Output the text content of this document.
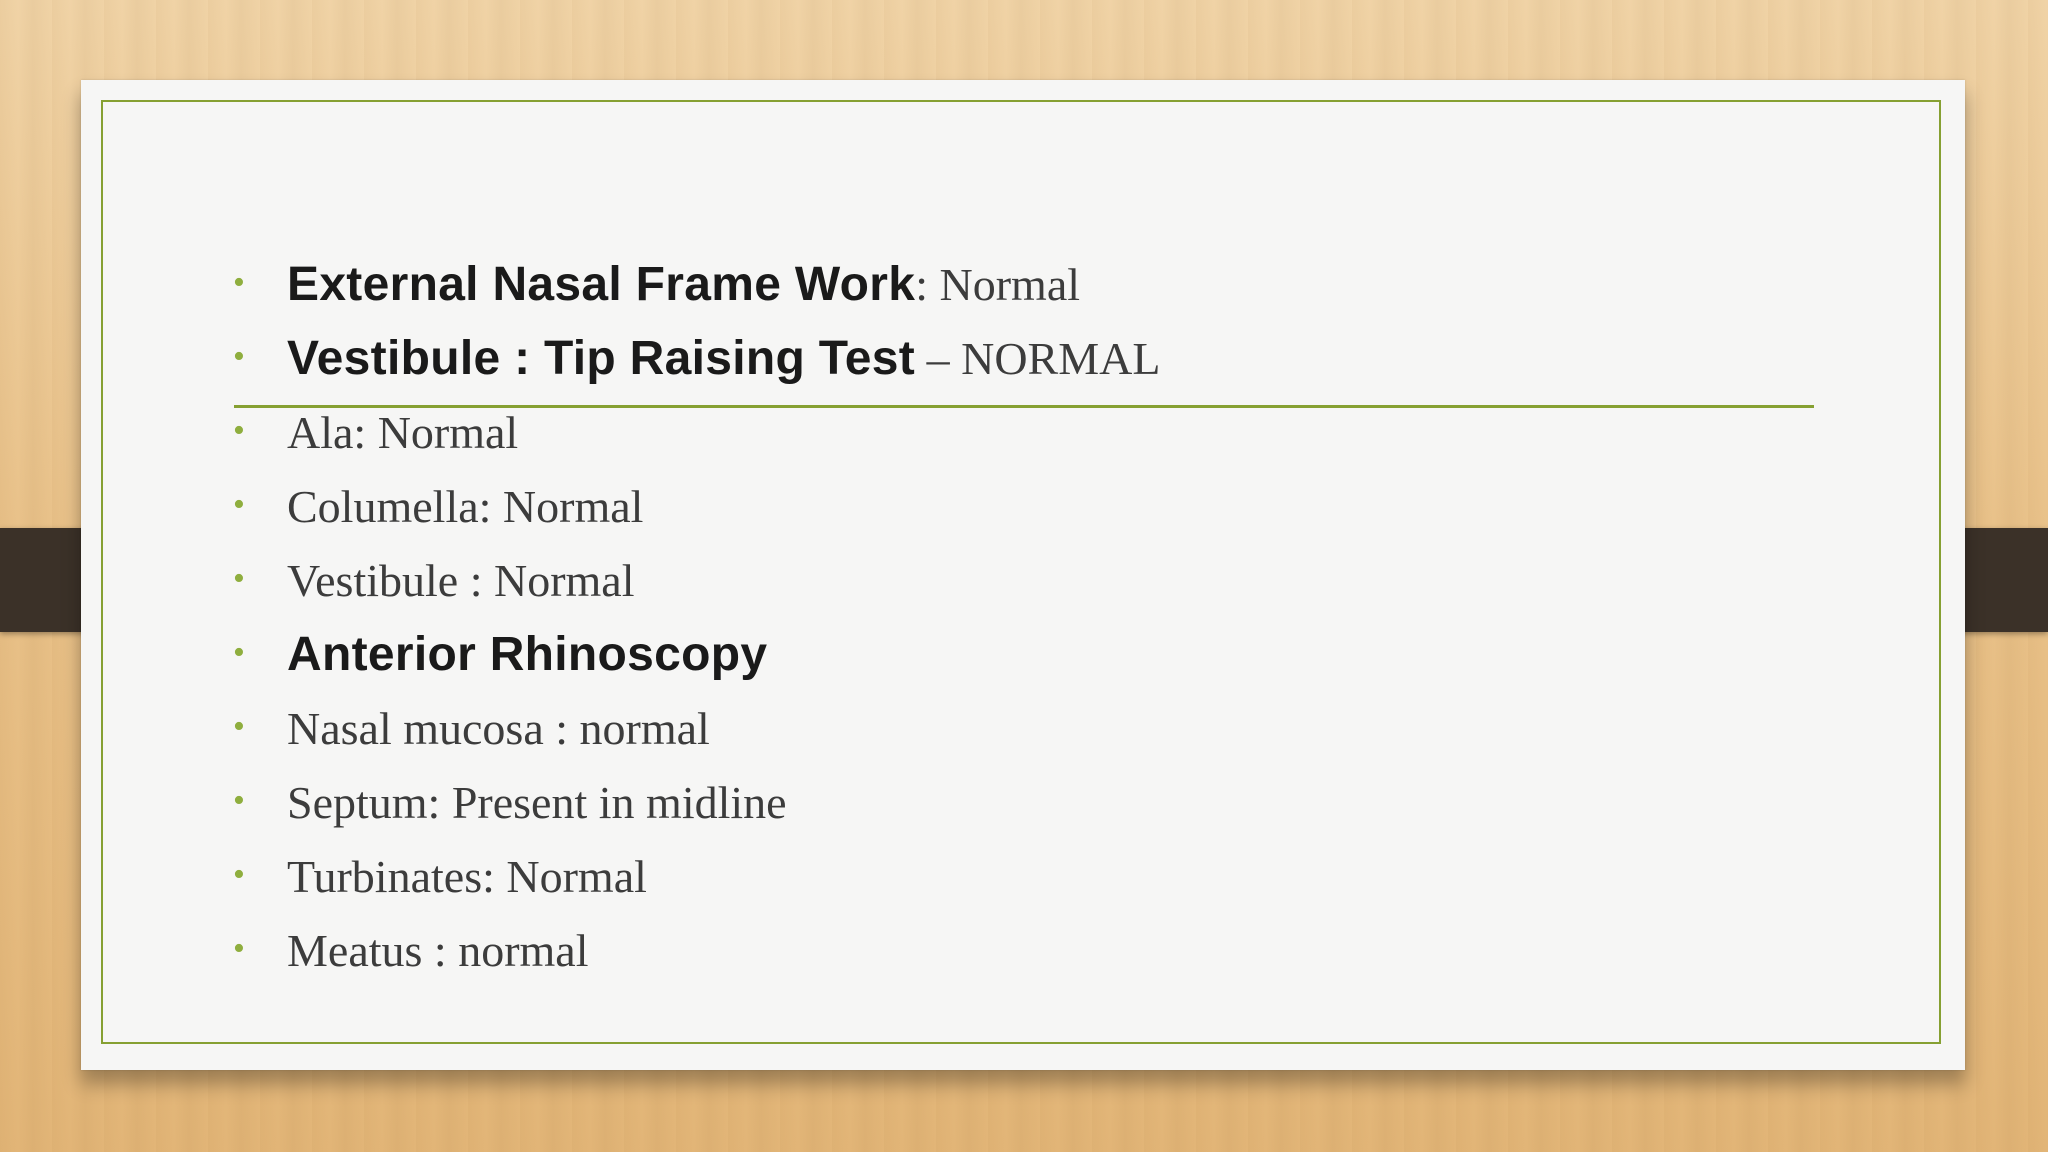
• External Nasal Frame Work: Normal
• Vestibule : Tip Raising Test – NORMAL
• Ala: Normal
• Columella: Normal
• Vestibule : Normal
• Anterior Rhinoscopy
• Nasal mucosa : normal
• Septum: Present in midline
• Turbinates: Normal
• Meatus : normal
